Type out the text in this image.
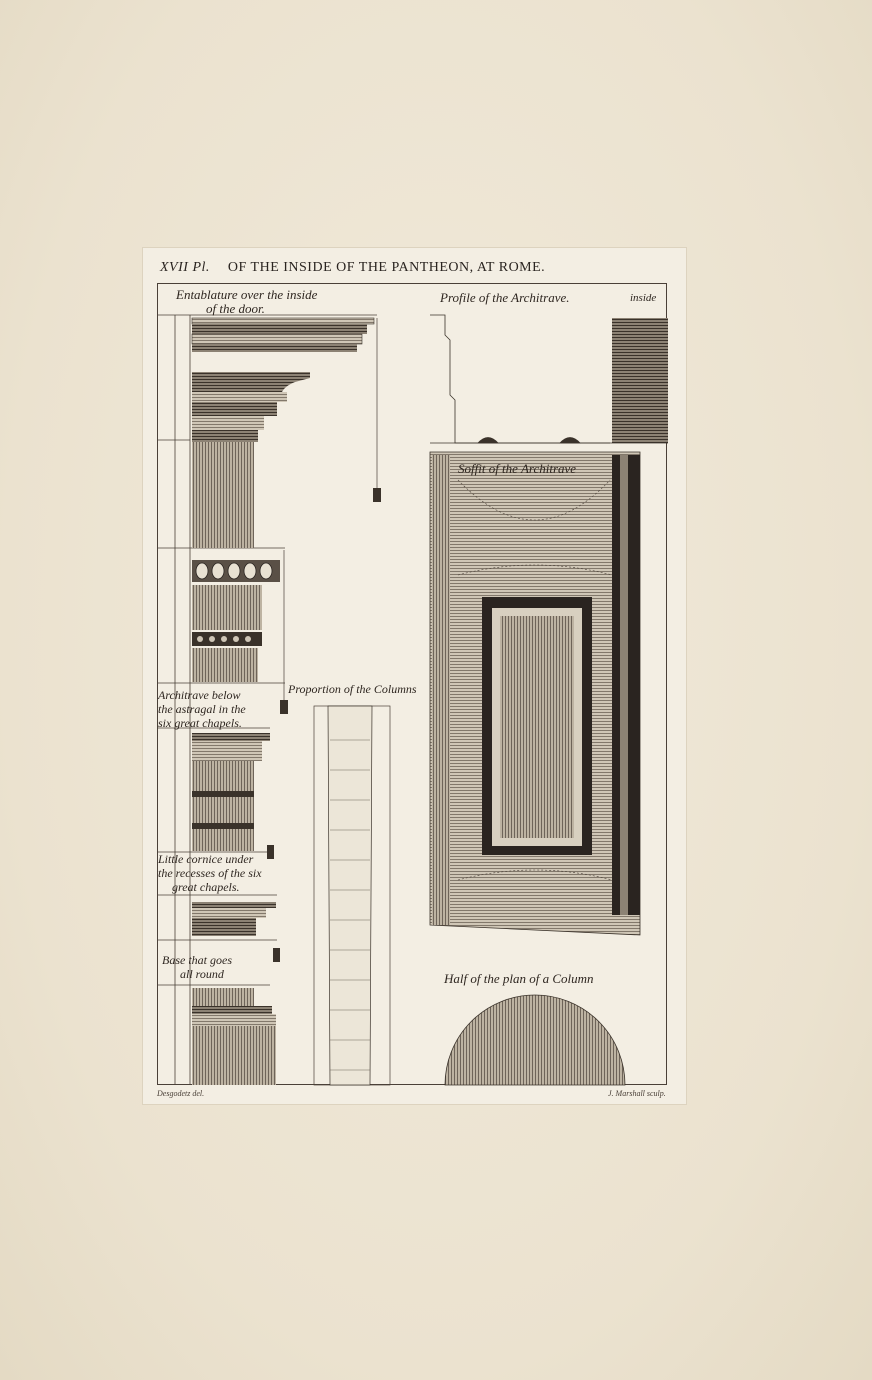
XVII Pl. OF THE INSIDE OF THE PANTHEON, AT ROME.
Entablature over the inside
of the door.
Profile of the Architrave.	inside
Soffit of the Architrave
Proportion of the Columns
Architrave below
the astragal in the
six great chapels.
Little cornice under
the recesses of the six
great chapels.
Base that goes
all round	Half of the plan of a Column
Desgodetz del.	J. Marshall sculp.
